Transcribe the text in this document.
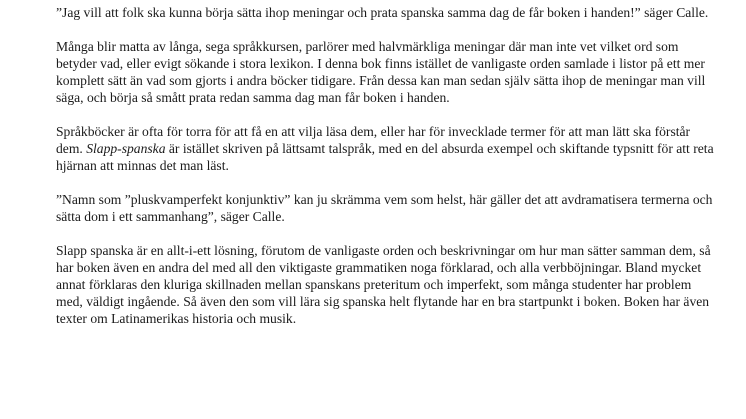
”Jag vill att folk ska kunna börja sätta ihop meningar och prata spanska samma dag de får boken i handen!” säger Calle.

Många blir matta av långa, sega språkkursen, parlörer med halvmärkliga meningar där man inte vet vilket ord som betyder vad, eller evigt sökande i stora lexikon. I denna bok finns istället de vanligaste orden samlade i listor på ett mer komplett sätt än vad som gjorts i andra böcker tidigare. Från dessa kan man sedan själv sätta ihop de meningar man vill säga, och börja så smått prata redan samma dag man får boken i handen.

Språkböcker är ofta för torra för att få en att vilja läsa dem, eller har för invecklade termer för att man lätt ska förstår dem. Slapp-spanska är istället skriven på lättsamt talspråk, med en del absurda exempel och skiftande typsnitt för att reta hjärnan att minnas det man läst.

”Namn som ”pluskvamperfekt konjunktiv” kan ju skrämma vem som helst, här gäller det att avdramatisera termerna och sätta dom i ett sammanhang”, säger Calle.

Slapp spanska är en allt-i-ett lösning, förutom de vanligaste orden och beskrivningar om hur man sätter samman dem, så har boken även en andra del med all den viktigaste grammatiken noga förklarad, och alla verbböjningar. Bland mycket annat förklaras den kluriga skillnaden mellan spanskans preteritum och imperfekt, som många studenter har problem med, väldigt ingående. Så även den som vill lära sig spanska helt flytande har en bra startpunkt i boken. Boken har även texter om Latinamerikas historia och musik.
